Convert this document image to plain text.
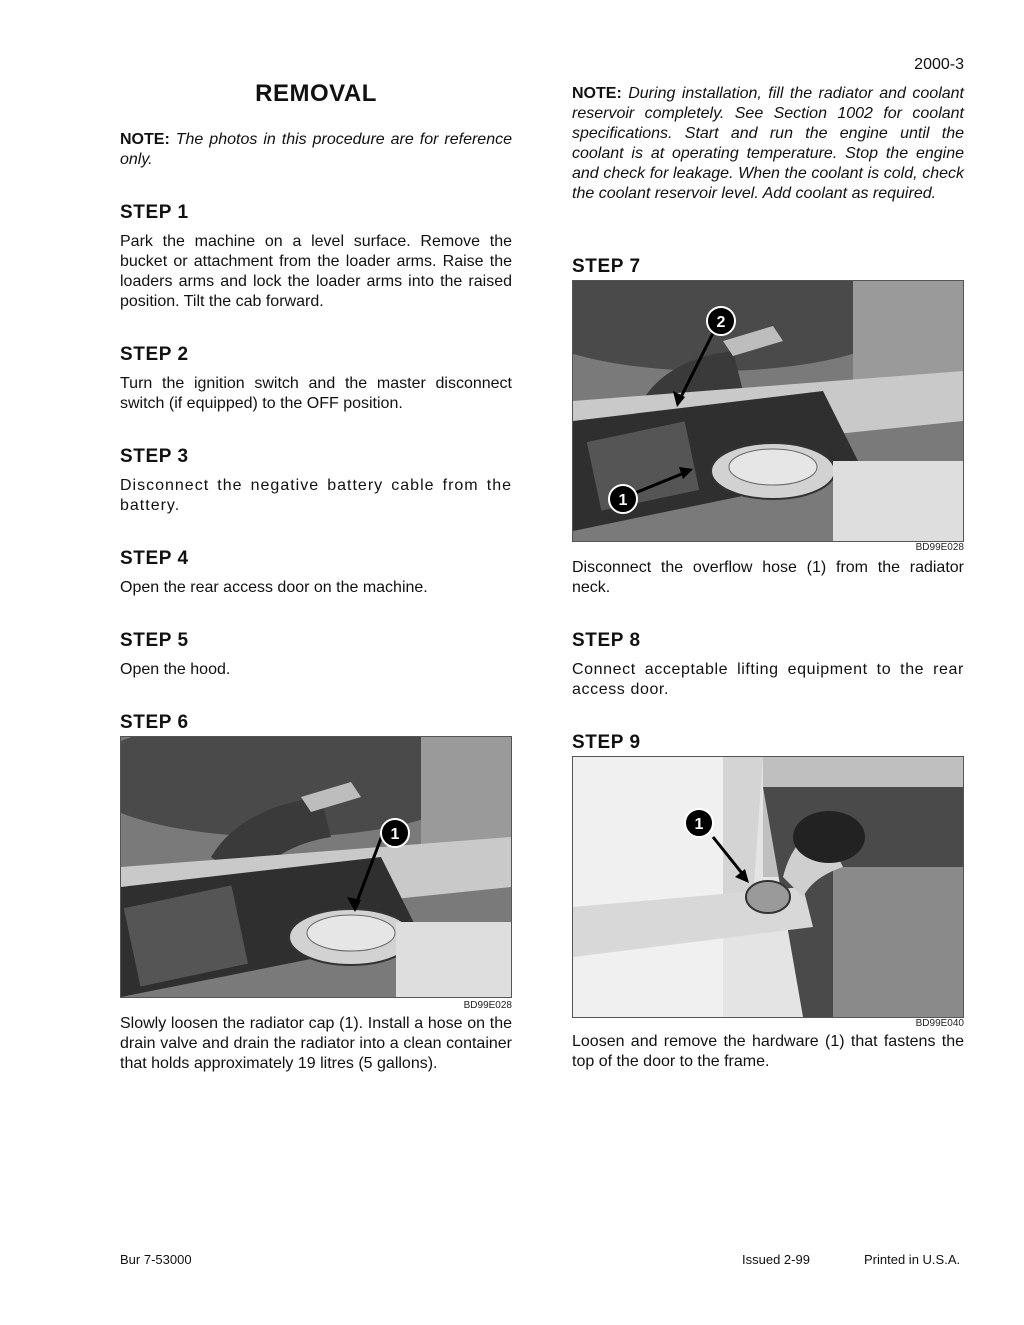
2000-3
REMOVAL
NOTE: The photos in this procedure are for reference only.
STEP 1
Park the machine on a level surface. Remove the bucket or attachment from the loader arms. Raise the loaders arms and lock the loader arms into the raised position. Tilt the cab forward.
STEP 2
Turn the ignition switch and the master disconnect switch (if equipped) to the OFF position.
STEP 3
Disconnect the negative battery cable from the battery.
STEP 4
Open the rear access door on the machine.
STEP 5
Open the hood.
STEP 6
1
BD99E028
Slowly loosen the radiator cap (1). Install a hose on the drain valve and drain the radiator into a clean container that holds approximately 19 litres (5 gallons).
NOTE: During installation, fill the radiator and coolant reservoir completely. See Section 1002 for coolant specifications. Start and run the engine until the coolant is at operating temperature. Stop the engine and check for leakage. When the coolant is cold, check the coolant reservoir level. Add coolant as required.
STEP 7
2
1
BD99E028
Disconnect the overflow hose (1) from the radiator neck.
STEP 8
Connect acceptable lifting equipment to the rear access door.
STEP 9
1
BD99E040
Loosen and remove the hardware (1) that fastens the top of the door to the frame.
Bur 7-53000	Issued 2-99	Printed in U.S.A.
